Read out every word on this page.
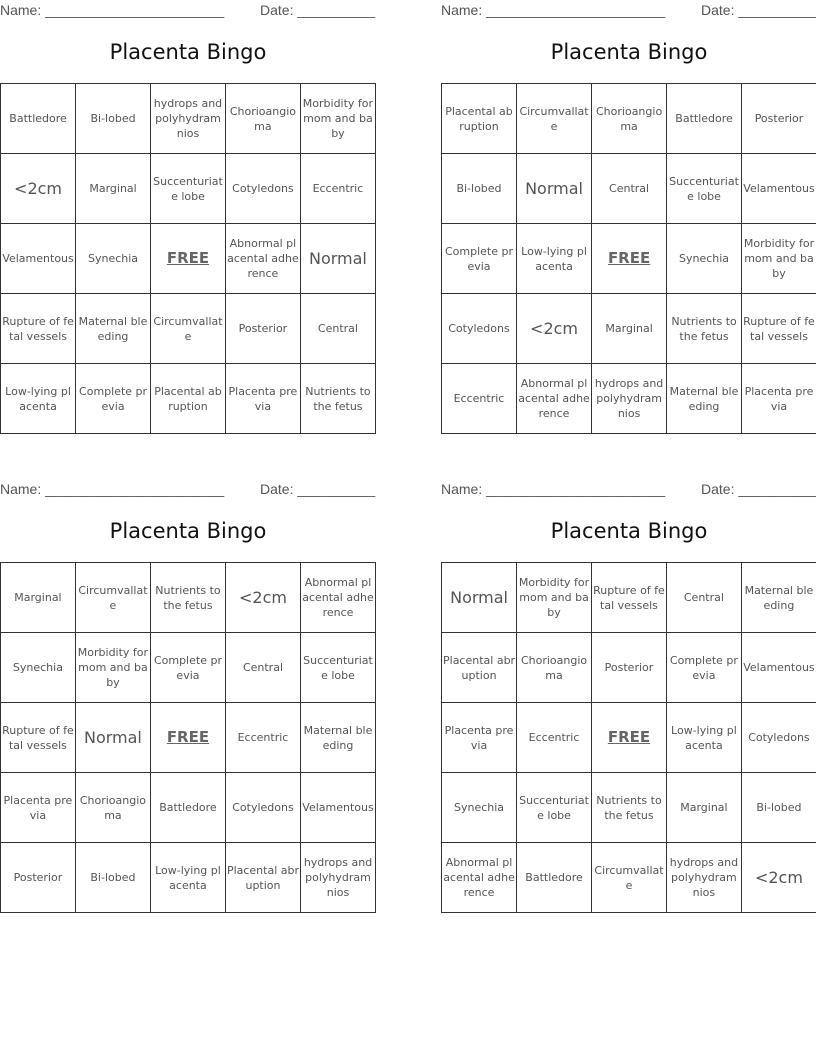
Name: _______________________	Date: __________
Placenta Bingo
Battledore	Bi-lobed	hydrops and polyhydramnios	Chorioangioma	Morbidity for mom and baby
<2cm	Marginal	Succenturiate lobe	Cotyledons	Eccentric
Velamentous	Synechia	FREE	Abnormal placental adherence	Normal
Rupture of fetal vessels	Maternal bleeding	Circumvallate	Posterior	Central
Low-lying placenta	Complete previa	Placental abruption	Placenta previa	Nutrients to the fetus
Name: _______________________	Date: __________
Placenta Bingo
Placental abruption	Circumvallate	Chorioangioma	Battledore	Posterior
Bi-lobed	Normal	Central	Succenturiate lobe	Velamentous
Complete previa	Low-lying placenta	FREE	Synechia	Morbidity for mom and baby
Cotyledons	<2cm	Marginal	Nutrients to the fetus	Rupture of fetal vessels
Eccentric	Abnormal placental adherence	hydrops and polyhydramnios	Maternal bleeding	Placenta previa
Name: _______________________	Date: __________
Placenta Bingo
Marginal	Circumvallate	Nutrients to the fetus	<2cm	Abnormal placental adherence
Synechia	Morbidity for mom and baby	Complete previa	Central	Succenturiate lobe
Rupture of fetal vessels	Normal	FREE	Eccentric	Maternal bleeding
Placenta previa	Chorioangioma	Battledore	Cotyledons	Velamentous
Posterior	Bi-lobed	Low-lying placenta	Placental abruption	hydrops and polyhydramnios
Name: _______________________	Date: __________
Placenta Bingo
Normal	Morbidity for mom and baby	Rupture of fetal vessels	Central	Maternal bleeding
Placental abruption	Chorioangioma	Posterior	Complete previa	Velamentous
Placenta previa	Eccentric	FREE	Low-lying placenta	Cotyledons
Synechia	Succenturiate lobe	Nutrients to the fetus	Marginal	Bi-lobed
Abnormal placental adherence	Battledore	Circumvallate	hydrops and polyhydramnios	<2cm
